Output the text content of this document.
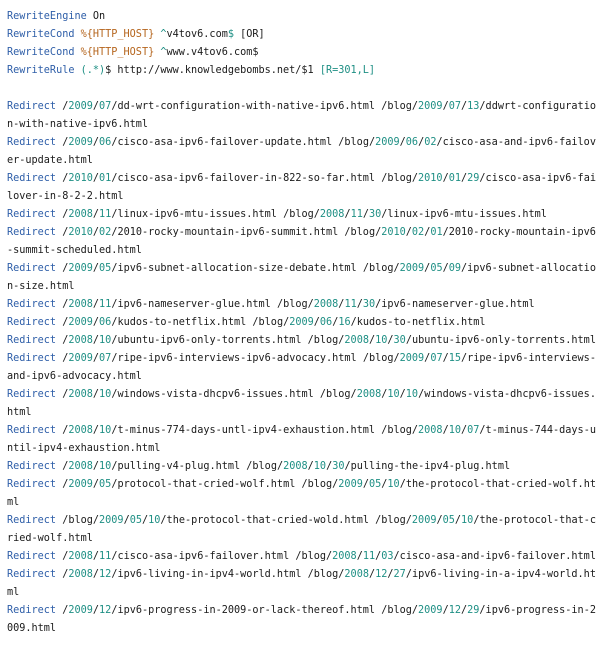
RewriteEngine On
RewriteCond %{HTTP_HOST} ^v4tov6.com$ [OR]
RewriteCond %{HTTP_HOST} ^www.v4tov6.com$
RewriteRule (.*)$ http://www.knowledgebombs.net/$1 [R=301,L]
Redirect /2009/07/dd-wrt-configuration-with-native-ipv6.html /blog/2009/07/13/ddwrt-configuration-with-native-ipv6.html
Redirect /2009/06/cisco-asa-ipv6-failover-update.html /blog/2009/06/02/cisco-asa-and-ipv6-failover-update.html
Redirect /2010/01/cisco-asa-ipv6-failover-in-822-so-far.html /blog/2010/01/29/cisco-asa-ipv6-failover-in-8-2-2.html
Redirect /2008/11/linux-ipv6-mtu-issues.html /blog/2008/11/30/linux-ipv6-mtu-issues.html
Redirect /2010/02/2010-rocky-mountain-ipv6-summit.html /blog/2010/02/01/2010-rocky-mountain-ipv6-summit-scheduled.html
Redirect /2009/05/ipv6-subnet-allocation-size-debate.html /blog/2009/05/09/ipv6-subnet-allocation-size.html
Redirect /2008/11/ipv6-nameserver-glue.html /blog/2008/11/30/ipv6-nameserver-glue.html
Redirect /2009/06/kudos-to-netflix.html /blog/2009/06/16/kudos-to-netflix.html
Redirect /2008/10/ubuntu-ipv6-only-torrents.html /blog/2008/10/30/ubuntu-ipv6-only-torrents.html
Redirect /2009/07/ripe-ipv6-interviews-ipv6-advocacy.html /blog/2009/07/15/ripe-ipv6-interviews-and-ipv6-advocacy.html
Redirect /2008/10/windows-vista-dhcpv6-issues.html /blog/2008/10/10/windows-vista-dhcpv6-issues.html
Redirect /2008/10/t-minus-774-days-untl-ipv4-exhaustion.html /blog/2008/10/07/t-minus-744-days-until-ipv4-exhaustion.html
Redirect /2008/10/pulling-v4-plug.html /blog/2008/10/30/pulling-the-ipv4-plug.html
Redirect /2009/05/protocol-that-cried-wolf.html /blog/2009/05/10/the-protocol-that-cried-wolf.html
Redirect /blog/2009/05/10/the-protocol-that-cried-wold.html /blog/2009/05/10/the-protocol-that-cried-wolf.html
Redirect /2008/11/cisco-asa-ipv6-failover.html /blog/2008/11/03/cisco-asa-and-ipv6-failover.html
Redirect /2008/12/ipv6-living-in-ipv4-world.html /blog/2008/12/27/ipv6-living-in-a-ipv4-world.html
Redirect /2009/12/ipv6-progress-in-2009-or-lack-thereof.html /blog/2009/12/29/ipv6-progress-in-2009.html
